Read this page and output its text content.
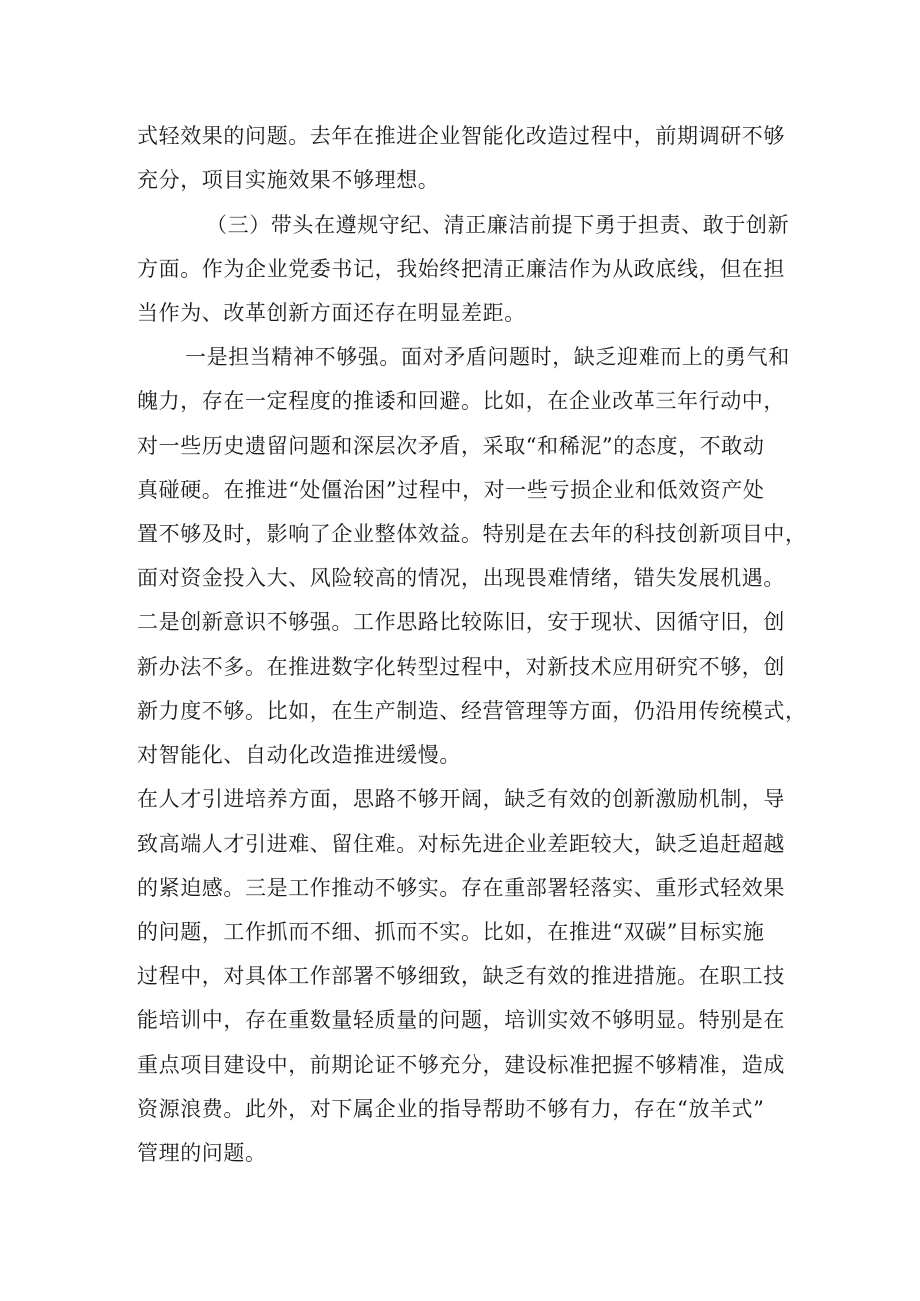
式轻效果的问题。去年在推进企业智能化改造过程中，前期调研不够
充分，项目实施效果不够理想。
（三）带头在遵规守纪、清正廉洁前提下勇于担责、敢于创新
方面。作为企业党委书记，我始终把清正廉洁作为从政底线，但在担
当作为、改革创新方面还存在明显差距。
一是担当精神不够强。面对矛盾问题时，缺乏迎难而上的勇气和
魄力，存在一定程度的推诿和回避。比如，在企业改革三年行动中，
对一些历史遗留问题和深层次矛盾，采取“和稀泥”的态度，不敢动
真碰硬。在推进“处僵治困”过程中，对一些亏损企业和低效资产处
置不够及时，影响了企业整体效益。特别是在去年的科技创新项目中，
面对资金投入大、风险较高的情况，出现畏难情绪，错失发展机遇。
二是创新意识不够强。工作思路比较陈旧，安于现状、因循守旧，创
新办法不多。在推进数字化转型过程中，对新技术应用研究不够，创
新力度不够。比如，在生产制造、经营管理等方面，仍沿用传统模式，
对智能化、自动化改造推进缓慢。
在人才引进培养方面，思路不够开阔，缺乏有效的创新激励机制，导
致高端人才引进难、留住难。对标先进企业差距较大，缺乏追赶超越
的紧迫感。三是工作推动不够实。存在重部署轻落实、重形式轻效果
的问题，工作抓而不细、抓而不实。比如，在推进“双碳”目标实施
过程中，对具体工作部署不够细致，缺乏有效的推进措施。在职工技
能培训中，存在重数量轻质量的问题，培训实效不够明显。特别是在
重点项目建设中，前期论证不够充分，建设标准把握不够精准，造成
资源浪费。此外，对下属企业的指导帮助不够有力，存在“放羊式”
管理的问题。
